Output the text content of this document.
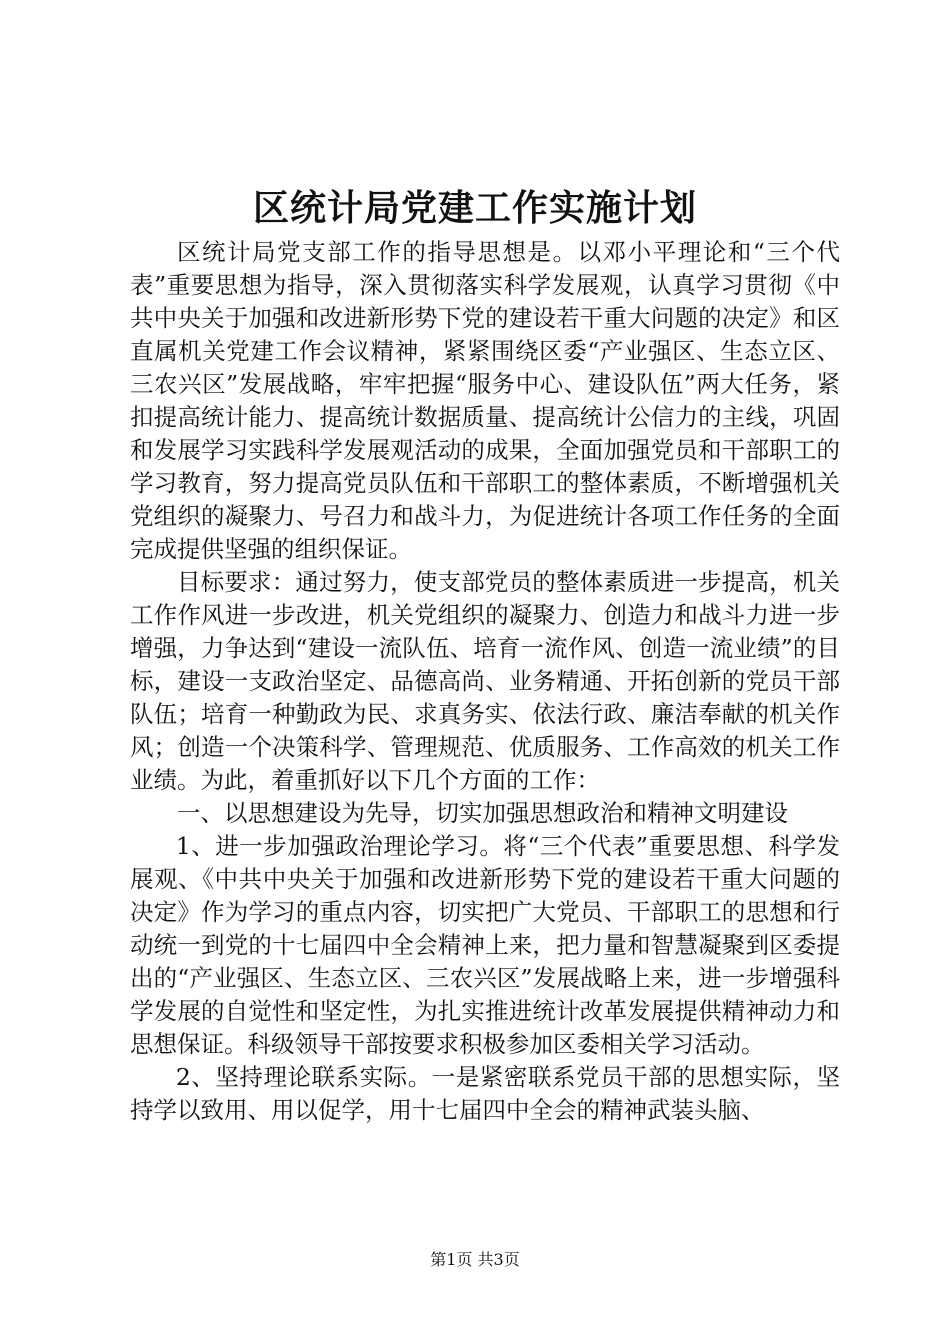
区统计局党建工作实施计划

区统计局党支部工作的指导思想是。以邓小平理论和“三个代表”重要思想为指导，深入贯彻落实科学发展观，认真学习贯彻《中共中央关于加强和改进新形势下党的建设若干重大问题的决定》和区直属机关党建工作会议精神，紧紧围绕区委“产业强区、生态立区、三农兴区”发展战略，牢牢把握“服务中心、建设队伍”两大任务，紧扣提高统计能力、提高统计数据质量、提高统计公信力的主线，巩固和发展学习实践科学发展观活动的成果，全面加强党员和干部职工的学习教育，努力提高党员队伍和干部职工的整体素质，不断增强机关党组织的凝聚力、号召力和战斗力，为促进统计各项工作任务的全面完成提供坚强的组织保证。

目标要求：通过努力，使支部党员的整体素质进一步提高，机关工作作风进一步改进，机关党组织的凝聚力、创造力和战斗力进一步增强，力争达到“建设一流队伍、培育一流作风、创造一流业绩”的目标，建设一支政治坚定、品德高尚、业务精通、开拓创新的党员干部队伍；培育一种勤政为民、求真务实、依法行政、廉洁奉献的机关作风；创造一个决策科学、管理规范、优质服务、工作高效的机关工作业绩。为此，着重抓好以下几个方面的工作：

一、以思想建设为先导，切实加强思想政治和精神文明建设

1、进一步加强政治理论学习。将“三个代表”重要思想、科学发展观、《中共中央关于加强和改进新形势下党的建设若干重大问题的决定》作为学习的重点内容，切实把广大党员、干部职工的思想和行动统一到党的十七届四中全会精神上来，把力量和智慧凝聚到区委提出的“产业强区、生态立区、三农兴区”发展战略上来，进一步增强科学发展的自觉性和坚定性，为扎实推进统计改革发展提供精神动力和思想保证。科级领导干部按要求积极参加区委相关学习活动。

2、坚持理论联系实际。一是紧密联系党员干部的思想实际，坚持学以致用、用以促学，用十七届四中全会的精神武装头脑、

第1页 共3页
